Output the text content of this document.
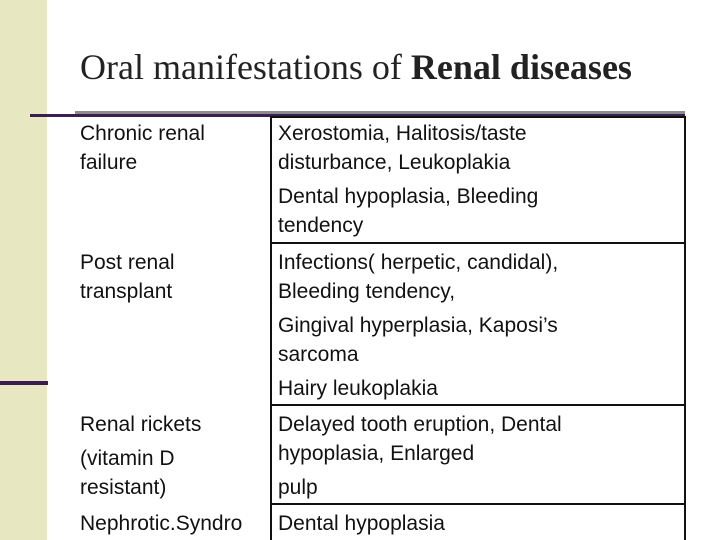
Oral manifestations of Renal diseases
Chronic renal
failure
Xerostomia, Halitosis/taste
disturbance, Leukoplakia
Dental hypoplasia, Bleeding
tendency
Post renal
transplant
Infections( herpetic, candidal),
Bleeding tendency,
Gingival hyperplasia, Kaposi’s
sarcoma
Hairy leukoplakia
Renal rickets
(vitamin D
resistant)
Delayed tooth eruption, Dental
hypoplasia, Enlarged
pulp
Nephrotic.Syndro Dental hypoplasia
